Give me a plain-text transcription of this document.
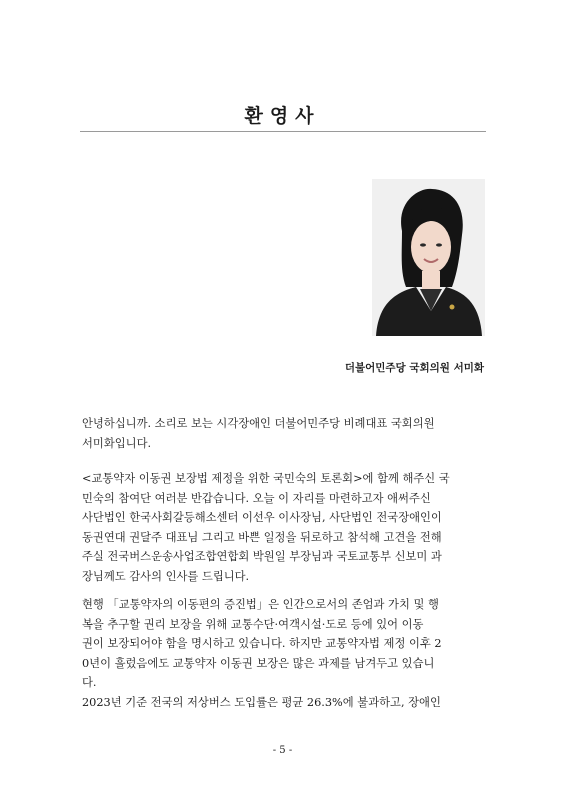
환영사
더불어민주당 국회의원 서미화
안녕하십니까. 소리로 보는 시각장애인 더불어민주당 비례대표 국회의원
서미화입니다.
<교통약자 이동권 보장법 제정을 위한 국민숙의 토론회>에 함께 해주신 국
민숙의 참여단 여러분 반갑습니다. 오늘 이 자리를 마련하고자 애써주신
사단법인 한국사회갈등해소센터 이선우 이사장님, 사단법인 전국장애인이
동권연대 권달주 대표님 그리고 바쁜 일정을 뒤로하고 참석해 고견을 전해
주실 전국버스운송사업조합연합회 박원일 부장님과 국토교통부 신보미 과
장님께도 감사의 인사를 드립니다.
현행 「교통약자의 이동편의 증진법」은 인간으로서의 존엄과 가치 및 행
복을 추구할 권리 보장을 위해 교통수단·여객시설·도로 등에 있어 이동
권이 보장되어야 함을 명시하고 있습니다. 하지만 교통약자법 제정 이후 2
0년이 흘렀음에도 교통약자 이동권 보장은 많은 과제를 남겨두고 있습니
다.
2023년 기준 전국의 저상버스 도입률은 평균 26.3%에 불과하고, 장애인
- 5 -
